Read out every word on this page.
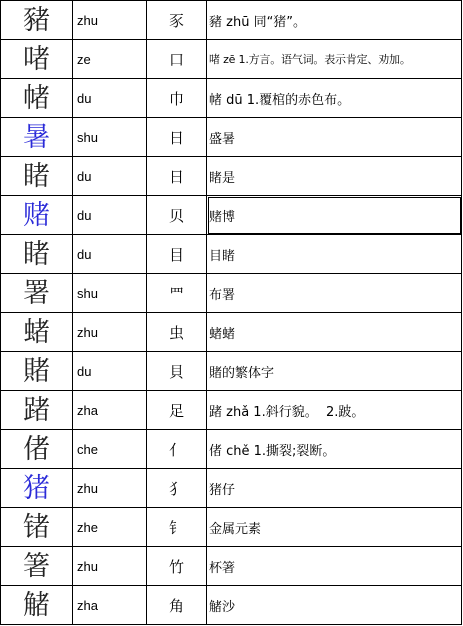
豬	zhu	豕	豬 zhū 同“猪”。
啫	ze	口	啫 zē 1.方言。语气词。表示肯定、劝加。
帾	du	巾	帾 dū 1.覆棺的赤色布。
暑	shu	日	盛暑
睹	du	日	睹是
赌	du	贝	赌博
睹	du	目	目睹
署	shu	罒	布署
蝫	zhu	虫	蝫蝫
賭	du	貝	賭的繁体字
踷	zha	足	踷 zhǎ 1.斜行貌。  2.跛。
偖	che	亻	偖 chě 1.撕裂;裂断。
猪	zhu	犭	猪仔
锗	zhe	钅	金属元素
箸	zhu	竹	杯箸
觰	zha	角	觰沙
